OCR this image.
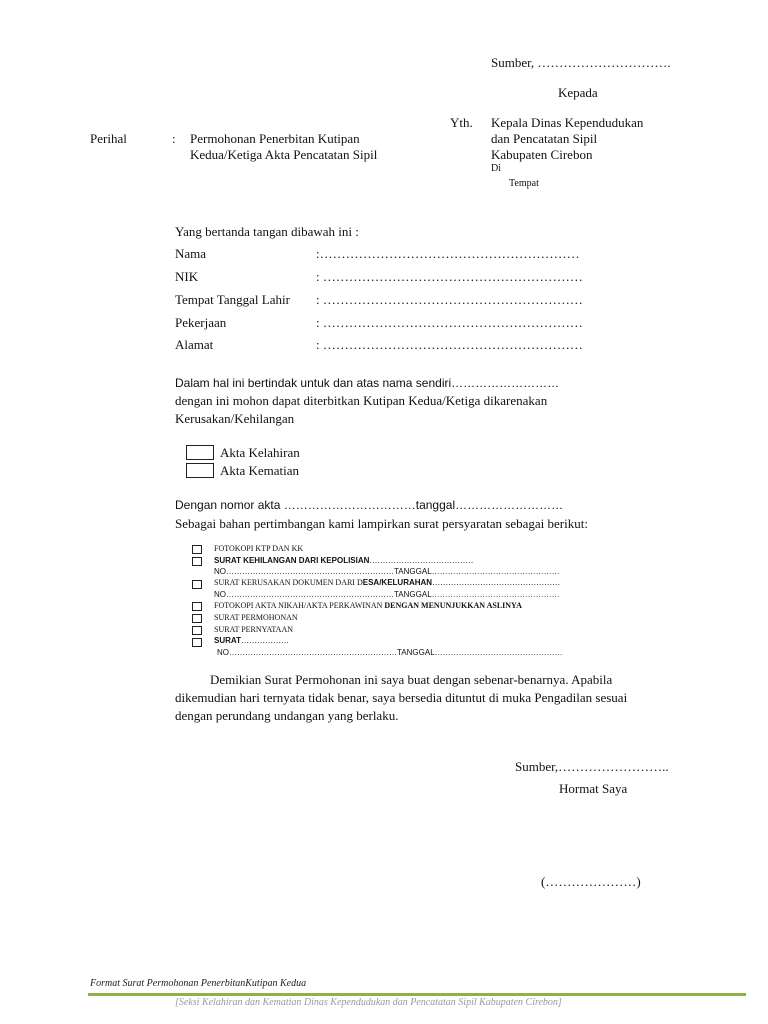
Sumber, ………………………….
Kepada
Yth. Kepala Dinas Kependudukan
dan Pencatatan Sipil
Kabupaten Cirebon
Di
Tempat
Perihal	: Permohonan Penerbitan Kutipan
Kedua/Ketiga Akta Pencatatan Sipil
Yang bertanda tangan dibawah ini :
Nama	:……………………………………………………
NIK	: ……………………………………………………
Tempat Tanggal Lahir : ……………………………………………………
Pekerjaan	: ……………………………………………………
Alamat	: ……………………………………………………
Dalam hal ini bertindak untuk dan atas nama sendiri………………………
dengan ini mohon dapat diterbitkan Kutipan Kedua/Ketiga dikarenakan
Kerusakan/Kehilangan
Akta Kelahiran
Akta Kematian
Dengan nomor akta ……………………………tanggal………………………
Sebagai bahan pertimbangan kami lampirkan surat persyaratan sebagai berikut:
FOTOKOPI KTP DAN KK
SURAT KEHILANGAN DARI KEPOLISIAN…………………………………
NO………………………………………………………TANGGAL…………………………………………
SURAT KERUSAKAN DOKUMEN DARI DESA/KELURAHAN…………………………………………
NO………………………………………………………TANGGAL…………………………………………
FOTOKOPI AKTA NIKAH/AKTA PERKAWINAN DENGAN MENUNJUKKAN ASLINYA
SURAT PERMOHONAN
SURAT PERNYATAAN
SURAT………………
NO………………………………………………………TANGGAL…………………………………………
Demikian Surat Permohonan ini saya buat dengan sebenar-benarnya. Apabila
dikemudian hari ternyata tidak benar, saya bersedia dituntut di muka Pengadilan sesuai
dengan perundang undangan yang berlaku.
Sumber,……………………..
Hormat Saya
(…………………)
Format Surat Permohonan PenerbitanKutipan Kedua
[Seksi Kelahiran dan Kematian Dinas Kependudukan dan Pencatatan Sipil Kabupaten Cirebon]
